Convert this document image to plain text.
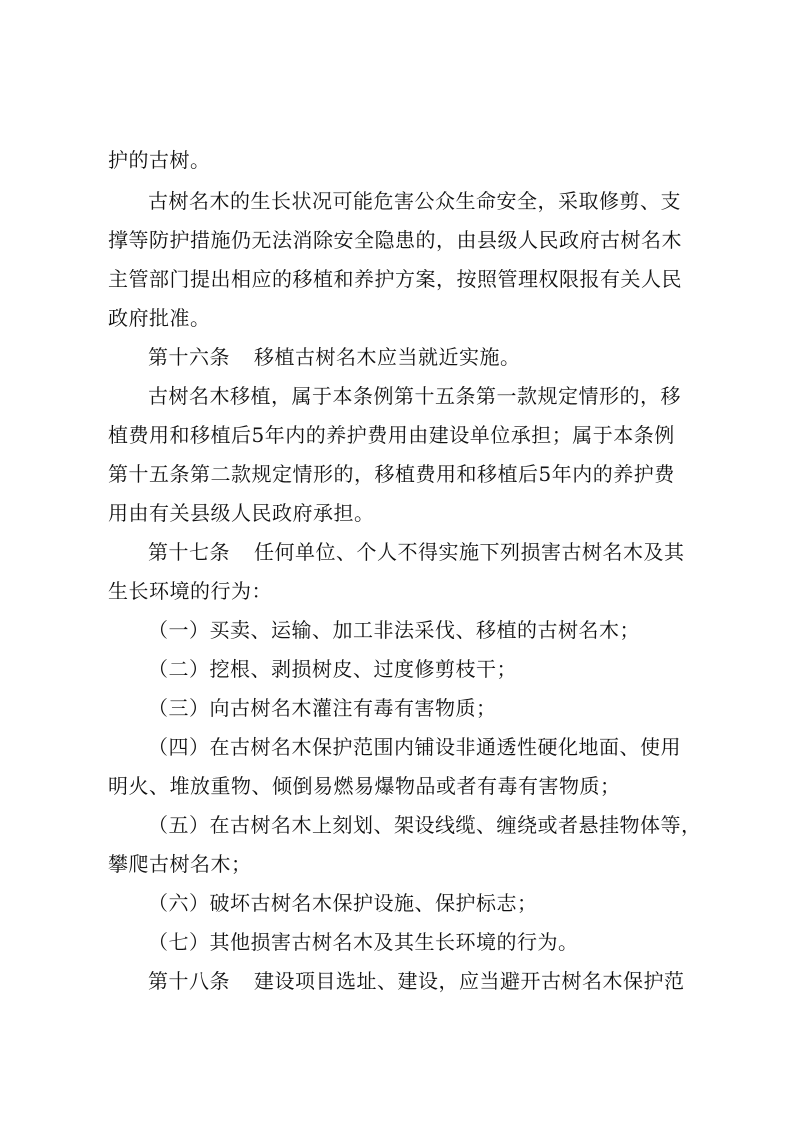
护的古树。
古树名木的生长状况可能危害公众生命安全，采取修剪、支
撑等防护措施仍无法消除安全隐患的，由县级人民政府古树名木
主管部门提出相应的移植和养护方案，按照管理权限报有关人民
政府批准。
第十六条 移植古树名木应当就近实施。
古树名木移植，属于本条例第十五条第一款规定情形的，移
植费用和移植后5年内的养护费用由建设单位承担；属于本条例
第十五条第二款规定情形的，移植费用和移植后5年内的养护费
用由有关县级人民政府承担。
第十七条 任何单位、个人不得实施下列损害古树名木及其
生长环境的行为：
（一）买卖、运输、加工非法采伐、移植的古树名木；
（二）挖根、剥损树皮、过度修剪枝干；
（三）向古树名木灌注有毒有害物质；
（四）在古树名木保护范围内铺设非通透性硬化地面、使用
明火、堆放重物、倾倒易燃易爆物品或者有毒有害物质；
（五）在古树名木上刻划、架设线缆、缠绕或者悬挂物体等，
攀爬古树名木；
（六）破坏古树名木保护设施、保护标志；
（七）其他损害古树名木及其生长环境的行为。
第十八条 建设项目选址、建设，应当避开古树名木保护范
